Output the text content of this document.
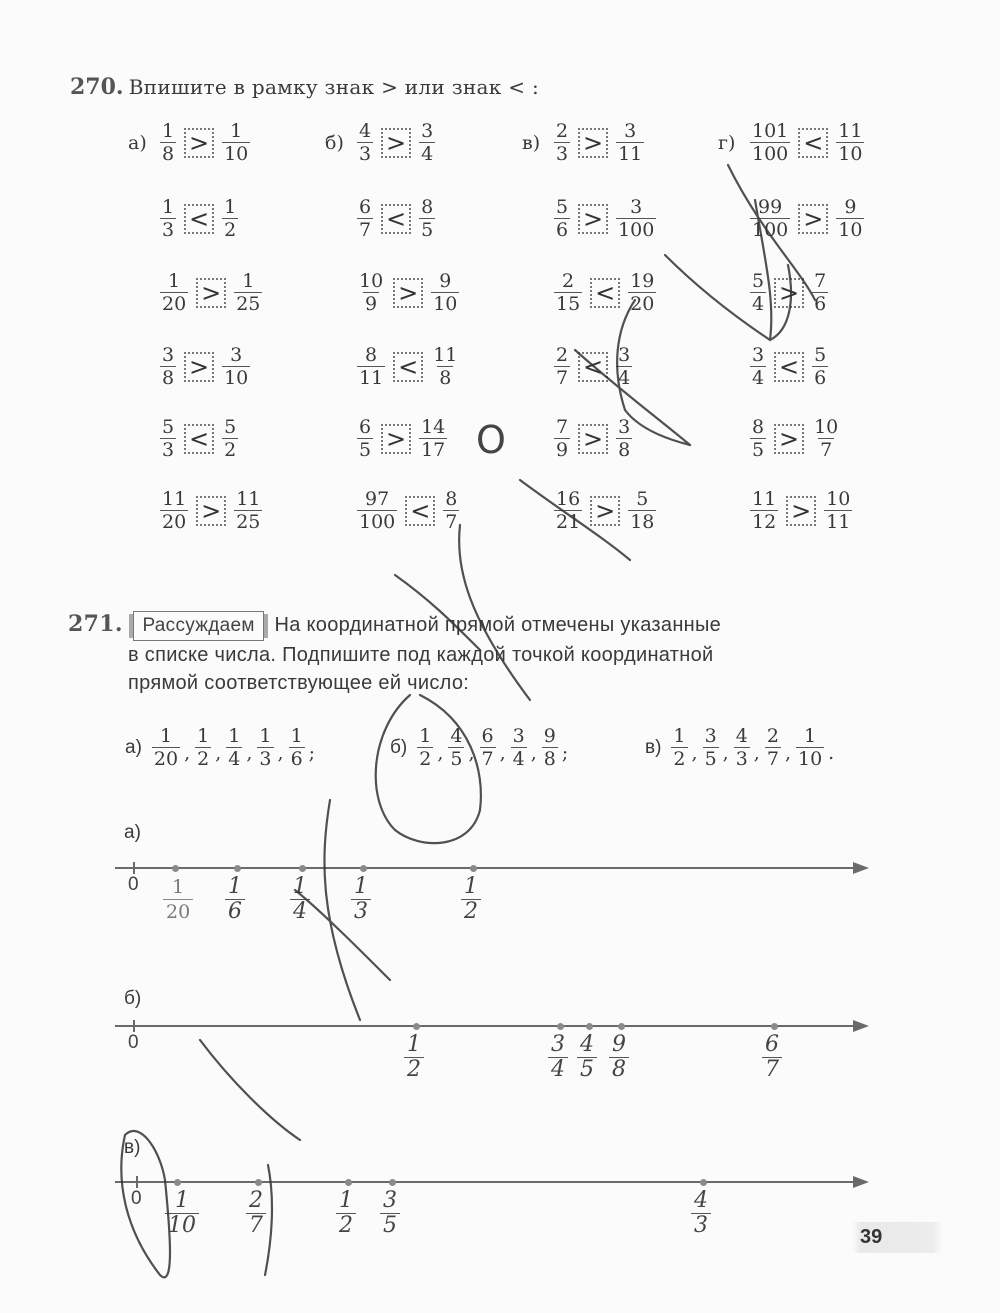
270. Впишите в рамку знак > или знак < :
$а) \frac{1}{8} > \frac{1}{10}$
$\frac{1}{3} < \frac{1}{2}$
$\frac{1}{20} > \frac{1}{25}$
$\frac{3}{8} > \frac{3}{10}$
$\frac{5}{3} < \frac{5}{2}$
$\frac{11}{20} > \frac{11}{25}$
$б) \frac{4}{3} > \frac{3}{4}$
$\frac{6}{7} < \frac{8}{5}$
$\frac{10}{9} > \frac{9}{10}$
$\frac{8}{11} < \frac{11}{8}$
$\frac{6}{5} > \frac{14}{17}$
$\frac{97}{100} < \frac{8}{7}$
$в) \frac{2}{3} > \frac{3}{11}$
$\frac{5}{6} > \frac{3}{100}$
$\frac{2}{15} < \frac{19}{20}$
$\frac{2}{7} < \frac{3}{4}$
$\frac{7}{9} > \frac{3}{8}$
$\frac{16}{21} > \frac{5}{18}$
$г) \frac{101}{100} < \frac{11}{10}$
$\frac{99}{100} > \frac{9}{10}$
$\frac{5}{4} > \frac{7}{6}$
$\frac{3}{4} < \frac{5}{6}$
$\frac{8}{5} > \frac{10}{7}$
$\frac{11}{12} > \frac{10}{11}$
O
271. Рассуждаем На координатной прямой отмечены указанные
в списке числа. Подпишите под каждой точкой координатной
прямой соответствующее ей число:
$а) \frac{1}{20}$ , $\frac{1}{2}$ , $\frac{1}{4}$ , $\frac{1}{3}$ , $\frac{1}{6}$ ;	$б) \frac{1}{2}$ , $\frac{4}{5}$ , $\frac{6}{7}$ , $\frac{3}{4}$ , $\frac{9}{8}$ ;	$в) \frac{1}{2}$ , $\frac{3}{5}$ , $\frac{4}{3}$ , $\frac{2}{7}$ , $\frac{1}{10}$ .
а)
$0 \frac{1}{20} \frac{1}{6} \frac{1}{4} \frac{1}{3}$	$\frac{1}{2}$
б)
0	$\frac{1}{2}$	$\frac{3}{4} \frac{4}{5} \frac{9}{8}$	$\frac{6}{7}$
в)
$0 \frac{1}{10} \frac{2}{7}$	$\frac{1}{2} \frac{3}{5}$	$\frac{4}{3}$	39
